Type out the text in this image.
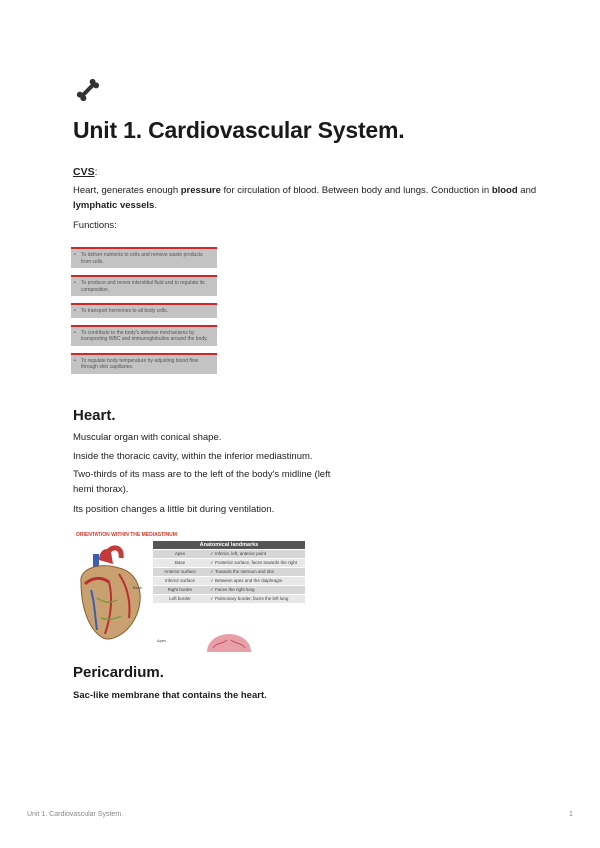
Unit 1. Cardiovascular System.
CVS:

Heart, generates enough pressure for circulation of blood. Between body and lungs. Conduction in blood and lymphatic vessels.

Functions:

• To deliver nutrients to cells and remove waste products from cells.
• To produce and renew interstitial fluid and to regulate its composition.
• To transport hormones to all body cells.
• To contribute to the body's defense mechanisms by transporting WBC and immunoglobulins around the body.
• To regulate body temperature by adjusting blood flow through skin capillaries.
Heart.

Muscular organ with conical shape.

Inside the thoracic cavity, within the inferior mediastinum.

Two-thirds of its mass are to the left of the body's midline (left hemi thorax).

Its position changes a little bit during ventilation.

ORIENTATION WITHIN THE MEDIASTINUM
Base
Apex
Anatomical landmarks
Apex	✓ Inferior, left, anterior point
Base	✓ Posterior surface, faces towards the right
Anterior surface	✓ Towards the sternum and ribs
Inferior surface	✓ Between apex and the diaphragm
Right border	✓ Faces the right lung
Left border	✓ Pulmonary border, faces the left lung
Pericardium.

Sac-like membrane that contains the heart.

Unit 1. Cardiovascular System.	1
